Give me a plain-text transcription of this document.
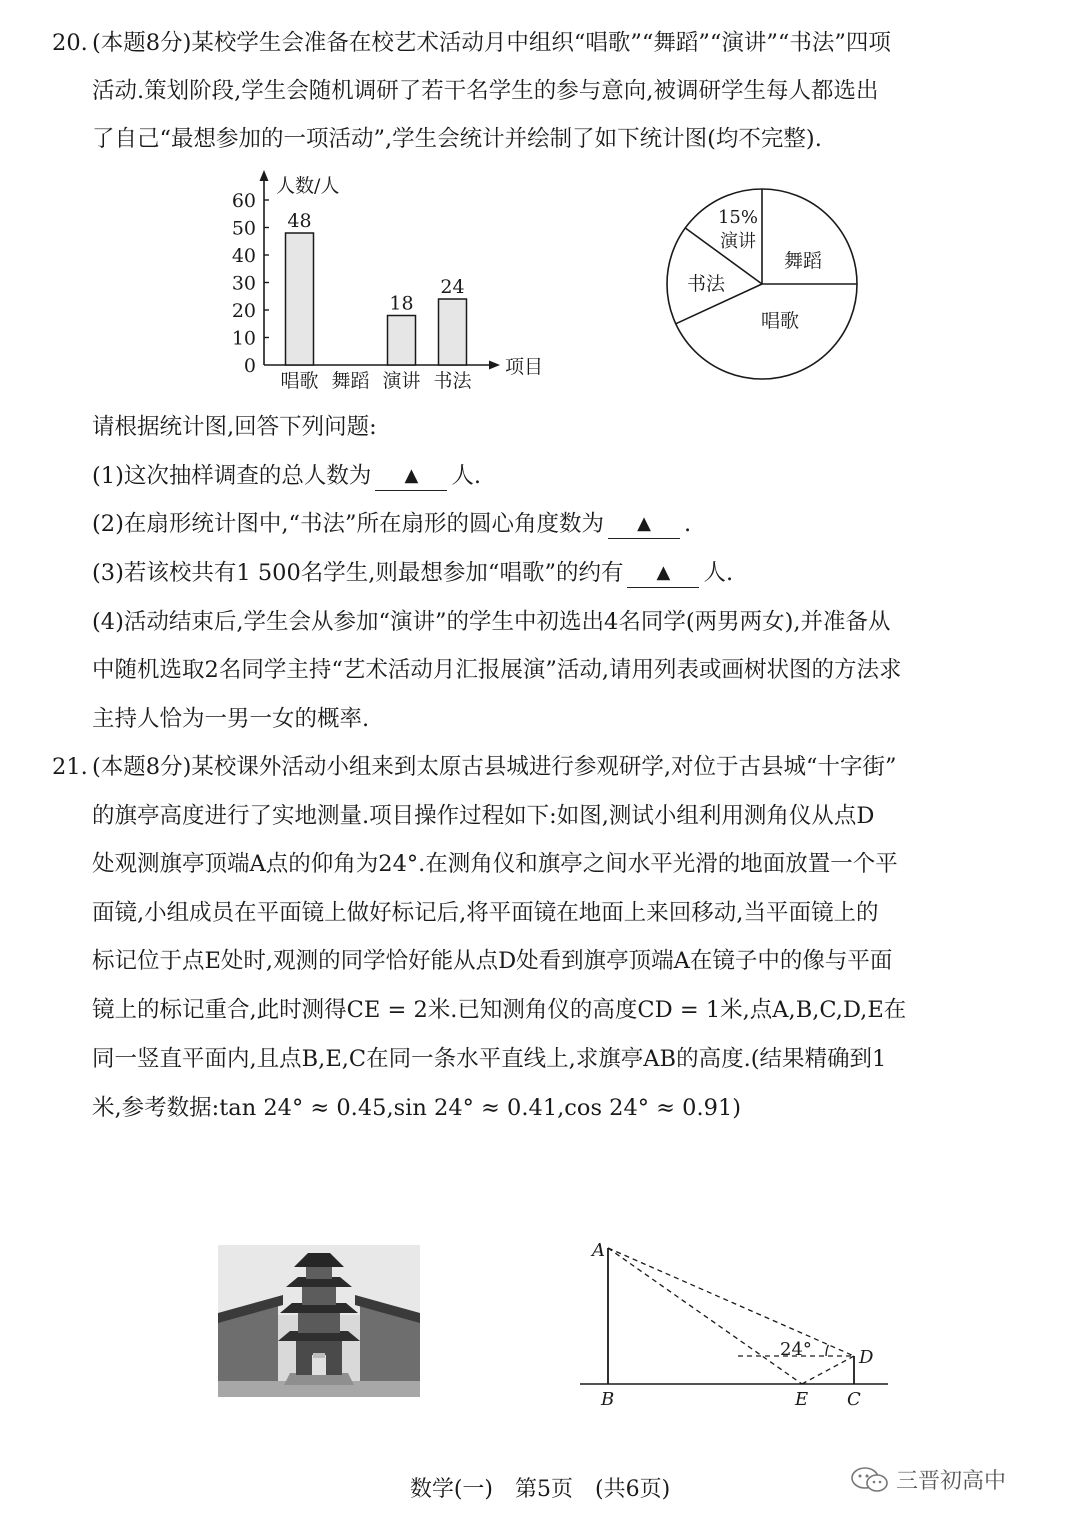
20. (本题8分)某校学生会准备在校艺术活动月中组织“唱歌”“舞蹈”“演讲”“书法”四项
活动.策划阶段,学生会随机调研了若干名学生的参与意向,被调研学生每人都选出
了自己“最想参加的一项活动”,学生会统计并绘制了如下统计图(均不完整).
0
10
20
30
40
50
60
48
18
24
唱歌 舞蹈 演讲 书法
人数/人
项目
15%
演讲
舞蹈
唱歌
书法
请根据统计图,回答下列问题:
(1)这次抽样调查的总人数为 ▲ 人.
(2)在扇形统计图中,“书法”所在扇形的圆心角度数为 ▲ .
(3)若该校共有1 500名学生,则最想参加“唱歌”的约有 ▲ 人.
(4)活动结束后,学生会从参加“演讲”的学生中初选出4名同学(两男两女),并准备从
中随机选取2名同学主持“艺术活动月汇报展演”活动,请用列表或画树状图的方法求
主持人恰为一男一女的概率.
21. (本题8分)某校课外活动小组来到太原古县城进行参观研学,对位于古县城“十字街”
的旗亭高度进行了实地测量.项目操作过程如下:如图,测试小组利用测角仪从点D
处观测旗亭顶端A点的仰角为24°.在测角仪和旗亭之间水平光滑的地面放置一个平
面镜,小组成员在平面镜上做好标记后,将平面镜在地面上来回移动,当平面镜上的
标记位于点E处时,观测的同学恰好能从点D处看到旗亭顶端A在镜子中的像与平面
镜上的标记重合,此时测得CE = 2米.已知测角仪的高度CD = 1米,点A,B,C,D,E在
同一竖直平面内,且点B,E,C在同一条水平直线上,求旗亭AB的高度.(结果精确到1
米,参考数据:tan 24° ≈ 0.45,sin 24° ≈ 0.41,cos 24° ≈ 0.91)
24°
A
B	E C
D
数学(一)　第5页　(共6页)	三晋初高中
